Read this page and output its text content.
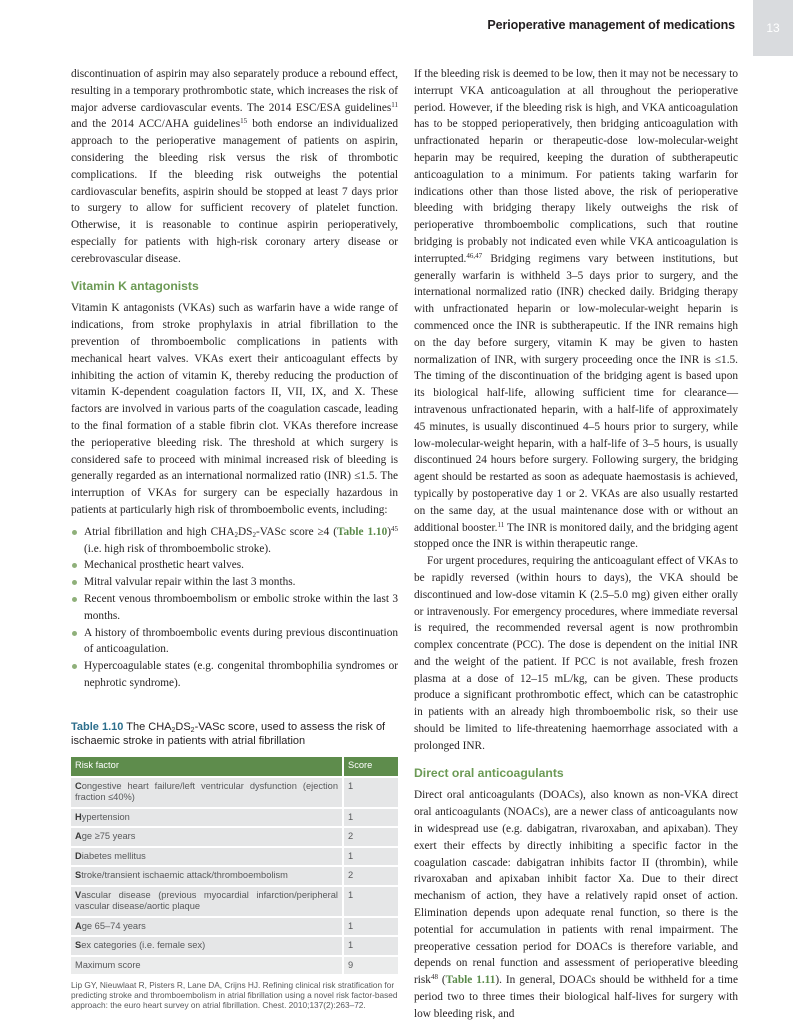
Perioperative management of medications	13

discontinuation of aspirin may also separately produce a rebound effect, resulting in a temporary prothrombotic state, which increases the risk of major adverse cardiovascular events. The 2014 ESC/ESA guidelines$^{11}$ and the 2014 ACC/AHA guidelines$^{15}$ both endorse an individualized approach to the perioperative management of patients on aspirin, considering the bleeding risk versus the risk of thrombotic complications. If the bleeding risk outweighs the potential cardiovascular benefits, aspirin should be stopped at least 7 days prior to surgery to allow for sufficient recovery of platelet function. Otherwise, it is reasonable to continue aspirin perioperatively, especially for patients with high-risk coronary artery disease or cerebrovascular disease.

Vitamin K antagonists

Vitamin K antagonists (VKAs) such as warfarin have a wide range of indications, from stroke prophylaxis in atrial fibrillation to the prevention of thromboembolic complications in patients with mechanical heart valves. VKAs exert their anticoagulant effects by inhibiting the action of vitamin K, thereby reducing the production of vitamin K-dependent coagulation factors II, VII, IX, and X. These factors are involved in various parts of the coagulation cascade, leading to the final formation of a stable fibrin clot. VKAs therefore increase the perioperative bleeding risk. The threshold at which surgery is considered safe to proceed with minimal increased risk of bleeding is generally regarded as an international normalized ratio (INR) ≤1.5. The interruption of VKAs for surgery can be especially hazardous in patients at particularly high risk of thromboembolic events, including:

Atrial fibrillation and high $CHA_2DS_2$-VASc score ≥4 (Table 1.10)$^{45}$ (i.e. high risk of thromboembolic stroke).
Mechanical prosthetic heart valves.
Mitral valvular repair within the last 3 months.
Recent venous thromboembolism or embolic stroke within the last 3 months.
A history of thromboembolic events during previous discontinuation of anticoagulation.
Hypercoagulable states (e.g. congenital thrombophilia syndromes or nephrotic syndrome).
Table 1.10 The $CHA_2DS_2$-VASc score, used to assess the risk of ischaemic stroke in patients with atrial fibrillation
Risk factor	Score
Congestive heart failure/left ventricular dysfunction (ejection fraction ≤40%)	1
Hypertension	1
Age ≥75 years	2
Diabetes mellitus	1
Stroke/transient ischaemic attack/thromboembolism	2
Vascular disease (previous myocardial infarction/peripheral vascular disease/aortic plaque	1
Age 65–74 years	1
Sex categories (i.e. female sex)	1
Maximum score	9
Lip GY, Nieuwlaat R, Pisters R, Lane DA, Crijns HJ. Refining clinical risk stratification for predicting stroke and thromboembolism in atrial fibrillation using a novel risk factor-based approach: the euro heart survey on atrial fibrillation. Chest. 2010;137(2):263–72.

If the bleeding risk is deemed to be low, then it may not be necessary to interrupt VKA anticoagulation at all throughout the perioperative period. However, if the bleeding risk is high, and VKA anticoagulation has to be stopped perioperatively, then bridging anticoagulation with unfractionated heparin or therapeutic-dose low-molecular-weight heparin may be required, keeping the duration of subtherapeutic anticoagulation to a minimum. For patients taking warfarin for indications other than those listed above, the risk of perioperative bleeding with bridging therapy likely outweighs the risk of perioperative thromboembolic complications, such that routine bridging is probably not indicated even while VKA anticoagulation is interrupted.$^{46,47}$ Bridging regimens vary between institutions, but generally warfarin is withheld 3–5 days prior to surgery, and the international normalized ratio (INR) checked daily. Bridging therapy with unfractionated heparin or low-molecular-weight heparin is commenced once the INR is subtherapeutic. If the INR remains high on the day before surgery, vitamin K may be given to hasten normalization of INR, with surgery proceeding once the INR is ≤1.5. The timing of the discontinuation of the bridging agent is based upon its biological half-life, allowing sufficient time for clearance—intravenous unfractionated heparin, with a half-life of approximately 45 minutes, is usually discontinued 4–5 hours prior to surgery, while low-molecular-weight heparin, with a half-life of 3–5 hours, is usually discontinued 24 hours before surgery. Following surgery, the bridging agent should be restarted as soon as adequate haemostasis is achieved, typically by postoperative day 1 or 2. VKAs are also usually restarted on the same day, at the usual maintenance dose with or without an additional booster.$^{11}$ The INR is monitored daily, and the bridging agent stopped once the INR is within therapeutic range.

For urgent procedures, requiring the anticoagulant effect of VKAs to be rapidly reversed (within hours to days), the VKA should be discontinued and low-dose vitamin K (2.5–5.0 mg) given either orally or intravenously. For emergency procedures, where immediate reversal is required, the recommended reversal agent is now prothrombin complex concentrate (PCC). The dose is dependent on the initial INR and the weight of the patient. If PCC is not available, fresh frozen plasma at a dose of 12–15 mL/kg, can be given. These products produce a significant prothrombotic effect, which can be catastrophic in patients with an already high thromboembolic risk, so their use should be limited to life-threatening haemorrhage associated with a prolonged INR.

Direct oral anticoagulants

Direct oral anticoagulants (DOACs), also known as non-VKA direct oral anticoagulants (NOACs), are a newer class of anticoagulants now in widespread use (e.g. dabigatran, rivaroxaban, and apixaban). They exert their effects by directly inhibiting a specific factor in the coagulation cascade: dabigatran inhibits factor II (thrombin), while rivaroxaban and apixaban inhibit factor Xa. Due to their direct mechanism of action, they have a relatively rapid onset of action. Elimination depends upon adequate renal function, so there is the potential for accumulation in patients with renal impairment. The preoperative cessation period for DOACs is therefore variable, and depends on renal function and assessment of perioperative bleeding risk$^{48}$ (Table 1.11). In general, DOACs should be withheld for a time period two to three times their biological half-lives for surgery with low bleeding risk, and
